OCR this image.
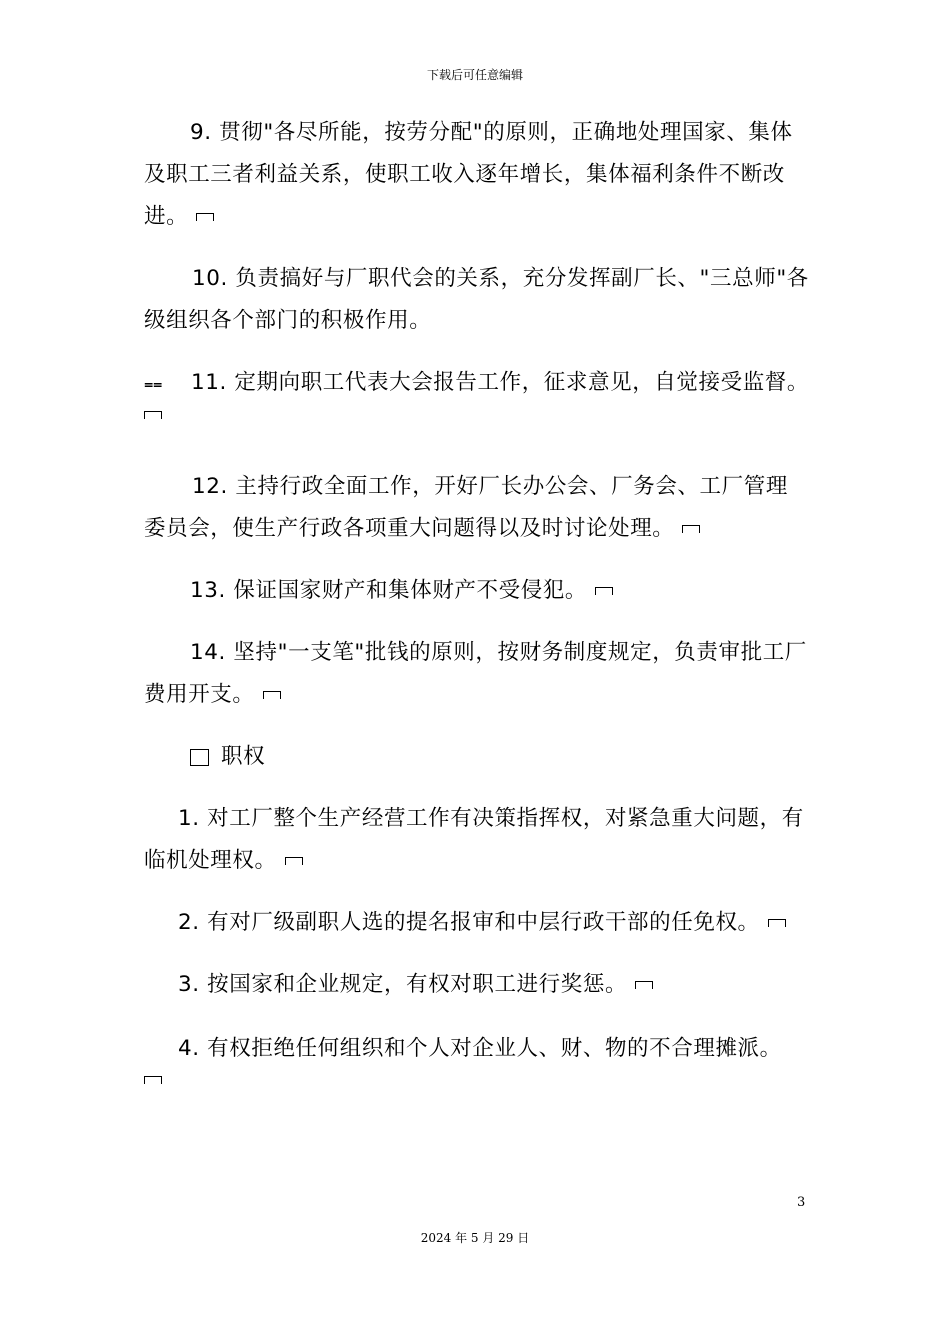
下载后可任意编辑

9. 贯彻"各尽所能，按劳分配"的原则，正确地处理国家、集体及职工三者利益关系，使职工收入逐年增长，集体福利条件不断改进。

10. 负责搞好与厂职代会的关系，充分发挥副厂长、"三总师"各级组织各个部门的积极作用。

⩵ 11. 定期向职工代表大会报告工作，征求意见，自觉接受监督。

12. 主持行政全面工作，开好厂长办公会、厂务会、工厂管理委员会，使生产行政各项重大问题得以及时讨论处理。

13. 保证国家财产和集体财产不受侵犯。

14. 坚持"一支笔"批钱的原则，按财务制度规定，负责审批工厂费用开支。

职权

1. 对工厂整个生产经营工作有决策指挥权，对紧急重大问题，有临机处理权。

2. 有对厂级副职人选的提名报审和中层行政干部的任免权。

3. 按国家和企业规定，有权对职工进行奖惩。

4. 有权拒绝任何组织和个人对企业人、财、物的不合理摊派。

3
2024 年 5 月 29 日
